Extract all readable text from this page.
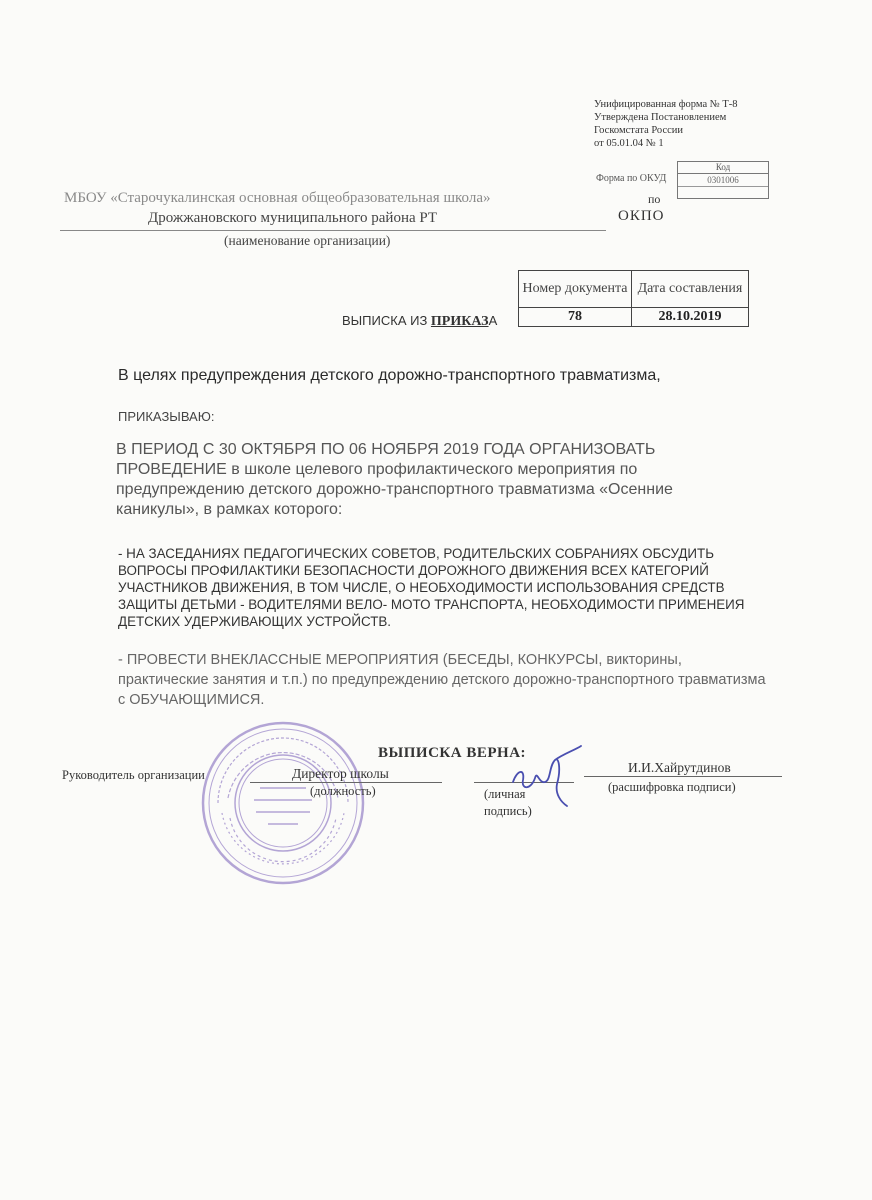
Унифицированная форма № Т-8
Утверждена Постановлением
Госкомстата России
от 05.01.04 № 1
Код
0301006
Форма по ОКУД
по
ОКПО
МБОУ «Старочукалинская основная общеобразовательная школа»
Дрожжановского муниципального района РТ
(наименование организации)
Номер документа	Дата составления
78	28.10.2019
ВЫПИСКА ИЗ ПРИКАЗА
В целях предупреждения детского дорожно-транспортного травматизма,
ПРИКАЗЫВАЮ:
В ПЕРИОД С 30 ОКТЯБРЯ ПО 06 НОЯБРЯ 2019 ГОДА ОРГАНИЗОВАТЬ ПРОВЕДЕНИЕ в школе целевого профилактического мероприятия по предупреждению детского дорожно-транспортного травматизма «Осенние каникулы», в рамках которого:
- НА ЗАСЕДАНИЯХ ПЕДАГОГИЧЕСКИХ СОВЕТОВ, РОДИТЕЛЬСКИХ СОБРАНИЯХ ОБСУДИТЬ ВОПРОСЫ ПРОФИЛАКТИКИ БЕЗОПАСНОСТИ ДОРОЖНОГО ДВИЖЕНИЯ ВСЕХ КАТЕГОРИЙ УЧАСТНИКОВ ДВИЖЕНИЯ, В ТОМ ЧИСЛЕ, О НЕОБХОДИМОСТИ ИСПОЛЬЗОВАНИЯ СРЕДСТВ ЗАЩИТЫ ДЕТЬМИ - ВОДИТЕЛЯМИ ВЕЛО- МОТО ТРАНСПОРТА, НЕОБХОДИМОСТИ ПРИМЕНЕИЯ ДЕТСКИХ УДЕРЖИВАЮЩИХ УСТРОЙСТВ.
- ПРОВЕСТИ ВНЕКЛАССНЫЕ МЕРОПРИЯТИЯ (БЕСЕДЫ, КОНКУРСЫ, викторины, практические занятия и т.п.) по предупреждению детского дорожно-транспортного травматизма с ОБУЧАЮЩИМИСЯ.
ВЫПИСКА ВЕРНА:
Руководитель организации	Директор школы
(должность)	(личная подпись)
И.И.Хайрутдинов
(расшифровка подписи)
